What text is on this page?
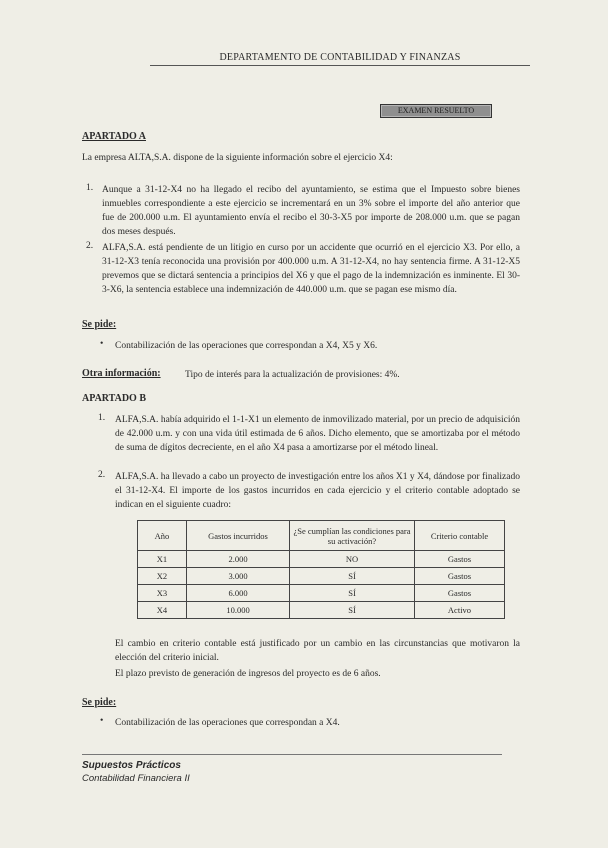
DEPARTAMENTO DE CONTABILIDAD Y FINANZAS
EXAMEN RESUELTO
APARTADO A
La empresa ALTA,S.A. dispone de la siguiente información sobre el ejercicio X4:
1. Aunque a 31-12-X4 no ha llegado el recibo del ayuntamiento, se estima que el Impuesto sobre bienes inmuebles correspondiente a este ejercicio se incrementará en un 3% sobre el importe del año anterior que fue de 200.000 u.m. El ayuntamiento envía el recibo el 30-3-X5 por importe de 208.000 u.m. que se pagan dos meses después.
2. ALFA,S.A. está pendiente de un litigio en curso por un accidente que ocurrió en el ejercicio X3. Por ello, a 31-12-X3 tenía reconocida una provisión por 400.000 u.m. A 31-12-X4, no hay sentencia firme. A 31-12-X5 prevemos que se dictará sentencia a principios del X6 y que el pago de la indemnización es inminente. El 30-3-X6, la sentencia establece una indemnización de 440.000 u.m. que se pagan ese mismo día.
Se pide:
• Contabilización de las operaciones que correspondan a X4, X5 y X6.
Otra información:	Tipo de interés para la actualización de provisiones: 4%.
APARTADO B
1. ALFA,S.A. había adquirido el 1-1-X1 un elemento de inmovilizado material, por un precio de adquisición de 42.000 u.m. y con una vida útil estimada de 6 años. Dicho elemento, que se amortizaba por el método de suma de dígitos decreciente, en el año X4 pasa a amortizarse por el método lineal.
2. ALFA,S.A. ha llevado a cabo un proyecto de investigación entre los años X1 y X4, dándose por finalizado el 31-12-X4. El importe de los gastos incurridos en cada ejercicio y el criterio contable adoptado se indican en el siguiente cuadro:
Año	Gastos incurridos	¿Se cumplían las condiciones para su activación?	Criterio contable
X1	2.000	NO	Gastos
X2	3.000	SÍ	Gastos
X3	6.000	SÍ	Gastos
X4	10.000	SÍ	Activo
El cambio en criterio contable está justificado por un cambio en las circunstancias que motivaron la elección del criterio inicial.
El plazo previsto de generación de ingresos del proyecto es de 6 años.
Se pide:
• Contabilización de las operaciones que correspondan a X4.
Supuestos Prácticos
Contabilidad Financiera II
